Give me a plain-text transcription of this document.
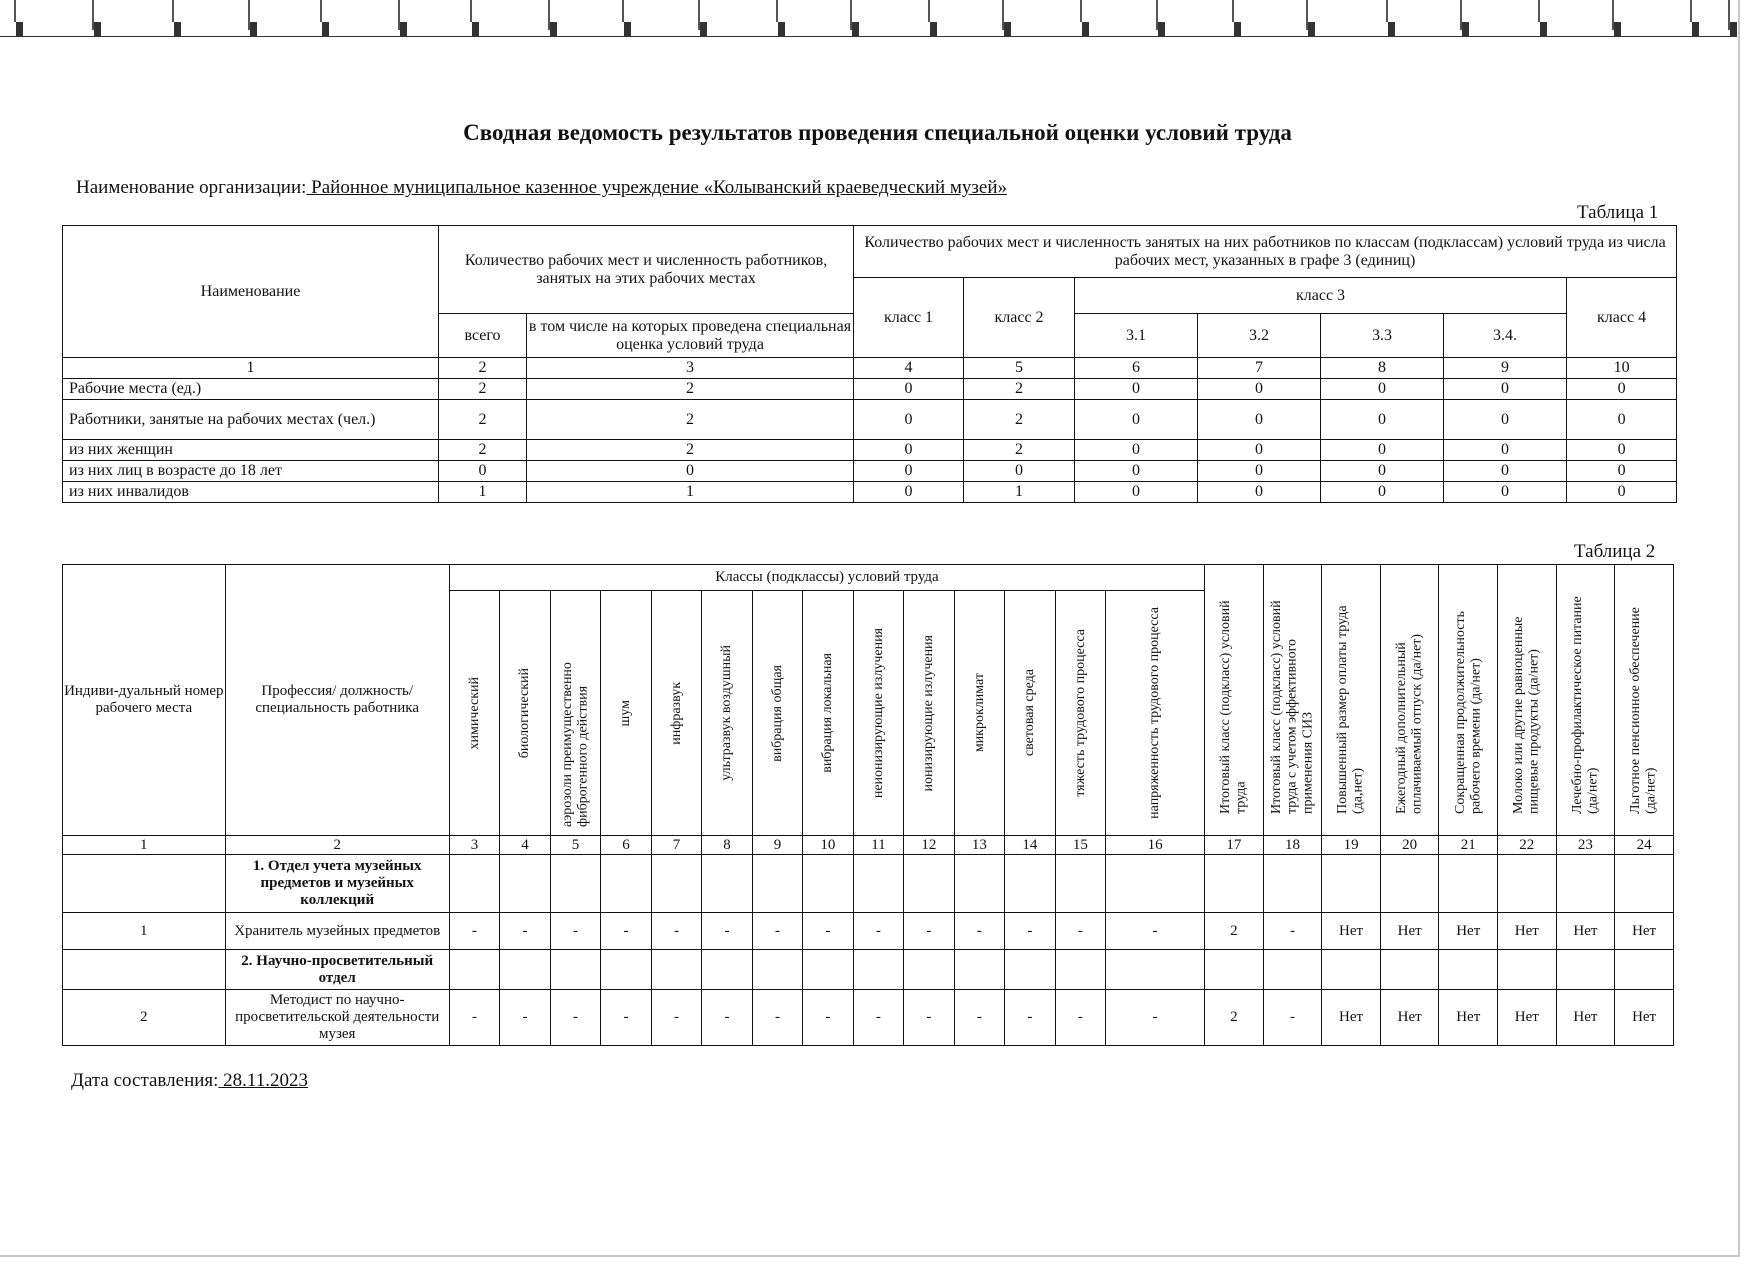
Сводная ведомость результатов проведения специальной оценки условий труда
Наименование организации: Районное муниципальное казенное учреждение «Колыванский краеведческий музей»
Таблица 1
Наименование	Количество рабочих мест и численность работников, занятых на этих рабочих местах		Количество рабочих мест и численность занятых на них работников по классам (подклассам) условий труда из числа рабочих мест, указанных в графе 3 (единиц)						
			класс 1	класс 2	класс 3				класс 4
	всего	в том числе на которых проведена специальная оценка условий труда			3.1	3.2	3.3	3.4.	
1	2	3	4	5	6	7	8	9	10
Рабочие места (ед.)	2	2	0	2	0	0	0	0	0
Работники, занятые на рабочих местах (чел.)	2	2	0	2	0	0	0	0	0
из них женщин	2	2	0	2	0	0	0	0	0
из них лиц в возрасте до 18 лет	0	0	0	0	0	0	0	0	0
из них инвалидов	1	1	0	1	0	0	0	0	0
Таблица 2
Индиви-дуальный номер рабочего места	Профессия/ должность/ специальность работника	Классы (подклассы) условий труда														Итоговый класс (подкласс) условий труда	Итоговый класс (подкласс) условий труда с учетом эффективного применения СИЗ	Повышенный размер оплаты труда (да,нет)	Ежегодный дополнительный оплачиваемый отпуск (да/нет)	Сокращенная продолжительность рабочего времени (да/нет)	Молоко или другие равноценные пищевые продукты (да/нет)	Лечебно-профилактическое питание (да/нет)	Льготное пенсионное обеспечение (да/нет)

		химический	биологический	аэрозоли преимущественно фиброгенного действия	шум	инфразвук	ультразвук воздушный	вибрация общая	вибрация локальная	неионизирующие излучения	ионизирующие излучения	микроклимат	световая среда	тяжесть трудового процесса	напряженность трудового процесса								

1	2	3	4	5	6	7	8	9	10	11	12	13	14	15	16	17	18	19	20	21	22	23	24
	1. Отдел учета музейных предметов и музейных коллекций																						
1	Хранитель музейных предметов	-	-	-	-	-	-	-	-	-	-	-	-	-	-	2	-	Нет	Нет	Нет	Нет	Нет	Нет
	2. Научно-просветительный отдел																						
2	Методист по научно-просветительской деятельности музея	-	-	-	-	-	-	-	-	-	-	-	-	-	-	2	-	Нет	Нет	Нет	Нет	Нет	Нет
Дата составления: 28.11.2023
